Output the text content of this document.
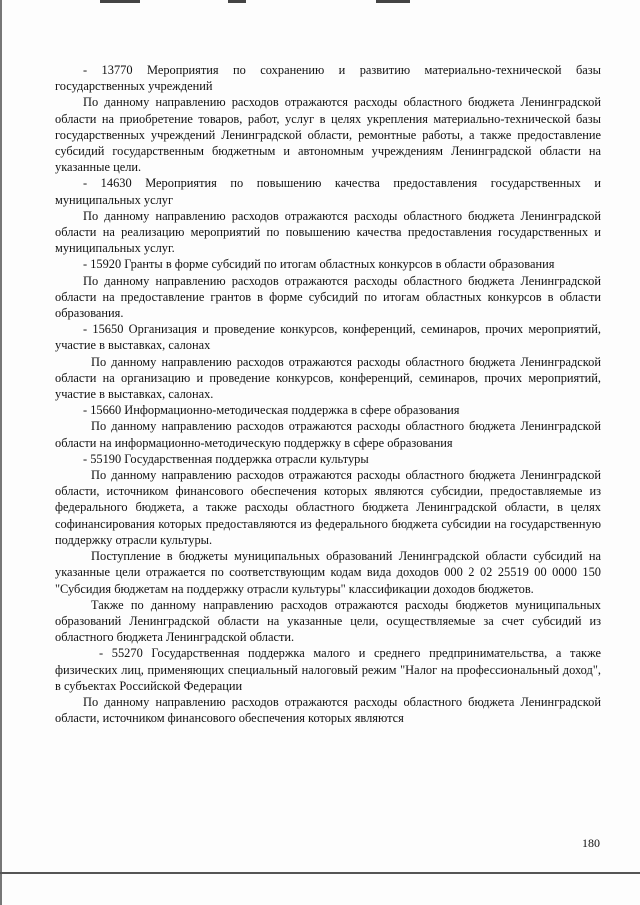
- 13770 Мероприятия по сохранению и развитию материально-технической базы государственных учреждений

По данному направлению расходов отражаются расходы областного бюджета Ленинградской области на приобретение товаров, работ, услуг в целях укрепления материально-технической базы государственных учреждений Ленинградской области, ремонтные работы, а также предоставление субсидий государственным бюджетным и автономным учреждениям Ленинградской области на указанные цели.

- 14630 Мероприятия по повышению качества предоставления государственных и муниципальных услуг

По данному направлению расходов отражаются расходы областного бюджета Ленинградской области на реализацию мероприятий по повышению качества предоставления государственных и муниципальных услуг.

- 15920 Гранты в форме субсидий по итогам областных конкурсов в области образования

По данному направлению расходов отражаются расходы областного бюджета Ленинградской области на предоставление грантов в форме субсидий по итогам областных конкурсов в области образования.

- 15650 Организация и проведение конкурсов, конференций, семинаров, прочих мероприятий, участие в выставках, салонах

По данному направлению расходов отражаются расходы областного бюджета Ленинградской области на организацию и проведение конкурсов, конференций, семинаров, прочих мероприятий, участие в выставках, салонах.

- 15660 Информационно-методическая поддержка в сфере образования

По данному направлению расходов отражаются расходы областного бюджета Ленинградской области на информационно-методическую поддержку в сфере образования

- 55190 Государственная поддержка отрасли культуры

По данному направлению расходов отражаются расходы областного бюджета Ленинградской области, источником финансового обеспечения которых являются субсидии, предоставляемые из федерального бюджета, а также расходы областного бюджета Ленинградской области, в целях софинансирования которых предоставляются из федерального бюджета субсидии на государственную поддержку отрасли культуры.

Поступление в бюджеты муниципальных образований Ленинградской области субсидий на указанные цели отражается по соответствующим кодам вида доходов 000 2 02 25519 00 0000 150 "Субсидия бюджетам на поддержку отрасли культуры" классификации доходов бюджетов.

Также по данному направлению расходов отражаются расходы бюджетов муниципальных образований Ленинградской области на указанные цели, осуществляемые за счет субсидий из областного бюджета Ленинградской области.

- 55270 Государственная поддержка малого и среднего предпринимательства, а также физических лиц, применяющих специальный налоговый режим "Налог на профессиональный доход", в субъектах Российской Федерации

По данному направлению расходов отражаются расходы областного бюджета Ленинградской области, источником финансового обеспечения которых являются

180
